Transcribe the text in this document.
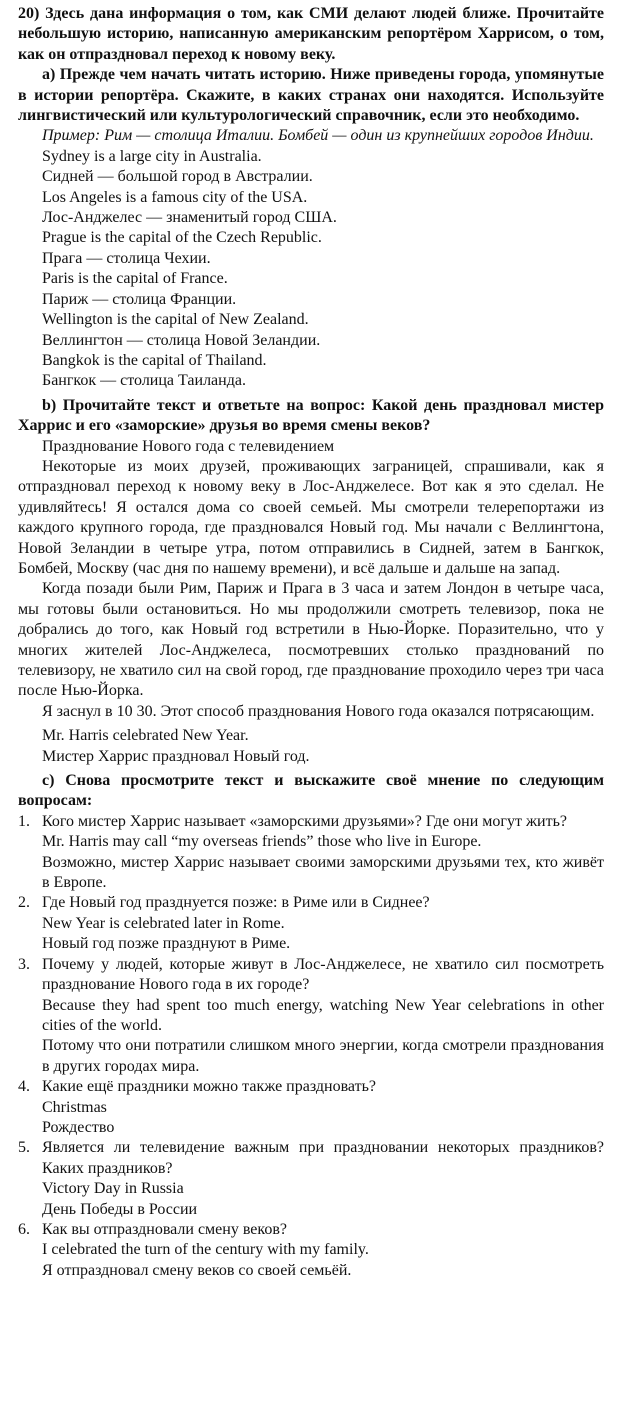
20) Здесь дана информация о том, как СМИ делают людей ближе. Прочитайте небольшую историю, написанную американским репортёром Харрисом, о том, как он отпраздновал переход к новому веку.

а) Прежде чем начать читать историю. Ниже приведены города, упомянутые в истории репортёра. Скажите, в каких странах они находятся. Используйте лингвистический или культурологический справочник, если это необходимо.

Пример: Рим — столица Италии. Бомбей — один из крупнейших городов Индии.

Sydney is a large city in Australia.

Сидней — большой город в Австралии.

Los Angeles is a famous city of the USA.

Лос-Анджелес — знаменитый город США.

Prague is the capital of the Czech Republic.

Прага — столица Чехии.

Paris is the capital of France.

Париж — столица Франции.

Wellington is the capital of New Zealand.

Веллингтон — столица Новой Зеландии.

Bangkok is the capital of Thailand.

Бангкок — столица Таиланда.

b) Прочитайте текст и ответьте на вопрос: Какой день праздновал мистер Харрис и его «заморские» друзья во время смены веков?

Празднование Нового года с телевидением

Некоторые из моих друзей, проживающих заграницей, спрашивали, как я отпраздновал переход к новому веку в Лос-Анджелесе. Вот как я это сделал. Не удивляйтесь! Я остался дома со своей семьей. Мы смотрели телерепортажи из каждого крупного города, где праздновался Новый год. Мы начали с Веллингтона, Новой Зеландии в четыре утра, потом отправились в Сидней, затем в Бангкок, Бомбей, Москву (час дня по нашему времени), и всё дальше и дальше на запад.

Когда позади были Рим, Париж и Прага в 3 часа и затем Лондон в четыре часа, мы готовы были остановиться. Но мы продолжили смотреть телевизор, пока не добрались до того, как Новый год встретили в Нью-Йорке. Поразительно, что у многих жителей Лос-Анджелеса, посмотревших столько празднований по телевизору, не хватило сил на свой город, где празднование проходило через три часа после Нью-Йорка.

Я заснул в 10 30. Этот способ празднования Нового года оказался потрясающим.

Mr. Harris celebrated New Year.

Мистер Харрис праздновал Новый год.

с) Снова просмотрите текст и выскажите своё мнение по следующим вопросам:

1. Кого мистер Харрис называет «заморскими друзьями»? Где они могут жить?

Mr. Harris may call “my overseas friends” those who live in Europe.

Возможно, мистер Харрис называет своими заморскими друзьями тех, кто живёт в Европе.

2. Где Новый год празднуется позже: в Риме или в Сиднее?

New Year is celebrated later in Rome.

Новый год позже празднуют в Риме.

3. Почему у людей, которые живут в Лос-Анджелесе, не хватило сил посмотреть празднование Нового года в их городе?

Because they had spent too much energy, watching New Year celebrations in other cities of the world.

Потому что они потратили слишком много энергии, когда смотрели празднования в других городах мира.

4. Какие ещё праздники можно также праздновать?

Christmas

Рождество

5. Является ли телевидение важным при праздновании некоторых праздников? Каких праздников?

Victory Day in Russia

День Победы в России

6. Как вы отпраздновали смену веков?

I celebrated the turn of the century with my family.

Я отпраздновал смену веков со своей семьёй.
